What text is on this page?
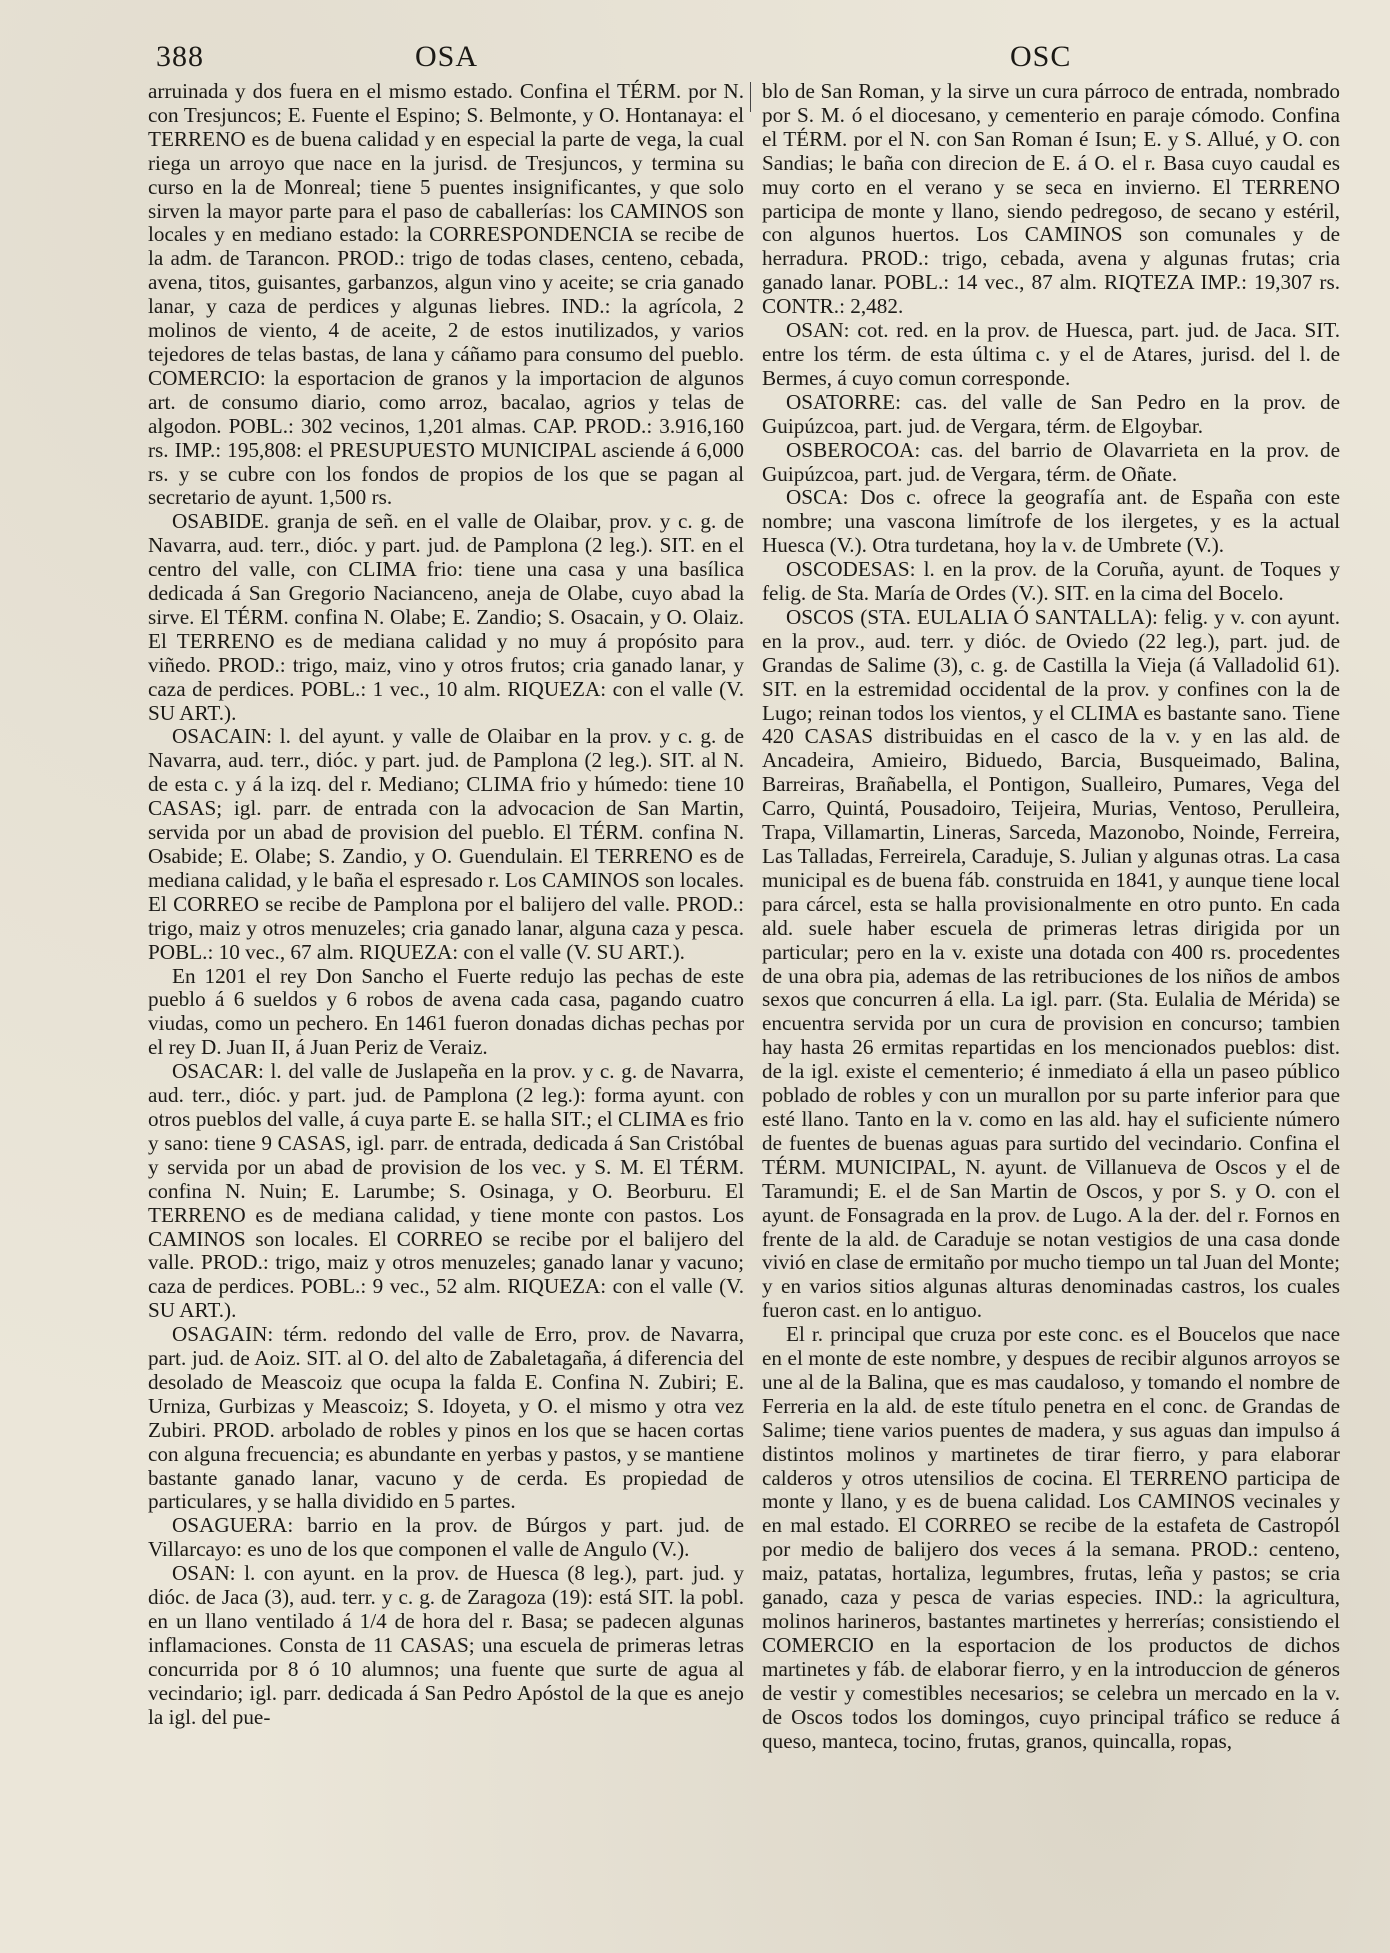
388	OSA	OSC

arruinada y dos fuera en el mismo estado. Confina el TÉRM. por N. con Tresjuncos; E. Fuente el Espino; S. Belmonte, y O. Hontanaya: el TERRENO es de buena calidad y en especial la parte de vega, la cual riega un arroyo que nace en la jurisd. de Tresjuncos, y termina su curso en la de Monreal; tiene 5 puentes insignificantes, y que solo sirven la mayor parte para el paso de caballerías: los CAMINOS son locales y en mediano estado: la CORRESPONDENCIA se recibe de la adm. de Tarancon. PROD.: trigo de todas clases, centeno, cebada, avena, titos, guisantes, garbanzos, algun vino y aceite; se cria ganado lanar, y caza de perdices y algunas liebres. IND.: la agrícola, 2 molinos de viento, 4 de aceite, 2 de estos inutilizados, y varios tejedores de telas bastas, de lana y cáñamo para consumo del pueblo. COMERCIO: la esportacion de granos y la importacion de algunos art. de consumo diario, como arroz, bacalao, agrios y telas de algodon. POBL.: 302 vecinos, 1,201 almas. CAP. PROD.: 3.916,160 rs. IMP.: 195,808: el PRESUPUESTO MUNICIPAL asciende á 6,000 rs. y se cubre con los fondos de propios de los que se pagan al secretario de ayunt. 1,500 rs.

OSABIDE. granja de señ. en el valle de Olaibar, prov. y c. g. de Navarra, aud. terr., dióc. y part. jud. de Pamplona (2 leg.). SIT. en el centro del valle, con CLIMA frio: tiene una casa y una basílica dedicada á San Gregorio Nacianceno, aneja de Olabe, cuyo abad la sirve. El TÉRM. confina N. Olabe; E. Zandio; S. Osacain, y O. Olaiz. El TERRENO es de mediana calidad y no muy á propósito para viñedo. PROD.: trigo, maiz, vino y otros frutos; cria ganado lanar, y caza de perdices. POBL.: 1 vec., 10 alm. RIQUEZA: con el valle (V. SU ART.).

OSACAIN: l. del ayunt. y valle de Olaibar en la prov. y c. g. de Navarra, aud. terr., dióc. y part. jud. de Pamplona (2 leg.). SIT. al N. de esta c. y á la izq. del r. Mediano; CLIMA frio y húmedo: tiene 10 CASAS; igl. parr. de entrada con la advocacion de San Martin, servida por un abad de provision del pueblo. El TÉRM. confina N. Osabide; E. Olabe; S. Zandio, y O. Guendulain. El TERRENO es de mediana calidad, y le baña el espresado r. Los CAMINOS son locales. El CORREO se recibe de Pamplona por el balijero del valle. PROD.: trigo, maiz y otros menuzeles; cria ganado lanar, alguna caza y pesca. POBL.: 10 vec., 67 alm. RIQUEZA: con el valle (V. SU ART.).

En 1201 el rey Don Sancho el Fuerte redujo las pechas de este pueblo á 6 sueldos y 6 robos de avena cada casa, pagando cuatro viudas, como un pechero. En 1461 fueron donadas dichas pechas por el rey D. Juan II, á Juan Periz de Veraiz.

OSACAR: l. del valle de Juslapeña en la prov. y c. g. de Navarra, aud. terr., dióc. y part. jud. de Pamplona (2 leg.): forma ayunt. con otros pueblos del valle, á cuya parte E. se halla SIT.; el CLIMA es frio y sano: tiene 9 CASAS, igl. parr. de entrada, dedicada á San Cristóbal y servida por un abad de provision de los vec. y S. M. El TÉRM. confina N. Nuin; E. Larumbe; S. Osinaga, y O. Beorburu. El TERRENO es de mediana calidad, y tiene monte con pastos. Los CAMINOS son locales. El CORREO se recibe por el balijero del valle. PROD.: trigo, maiz y otros menuzeles; ganado lanar y vacuno; caza de perdices. POBL.: 9 vec., 52 alm. RIQUEZA: con el valle (V. SU ART.).

OSAGAIN: térm. redondo del valle de Erro, prov. de Navarra, part. jud. de Aoiz. SIT. al O. del alto de Zabaletagaña, á diferencia del desolado de Meascoiz que ocupa la falda E. Confina N. Zubiri; E. Urniza, Gurbizas y Meascoiz; S. Idoyeta, y O. el mismo y otra vez Zubiri. PROD. arbolado de robles y pinos en los que se hacen cortas con alguna frecuencia; es abundante en yerbas y pastos, y se mantiene bastante ganado lanar, vacuno y de cerda. Es propiedad de particulares, y se halla dividido en 5 partes.

OSAGUERA: barrio en la prov. de Búrgos y part. jud. de Villarcayo: es uno de los que componen el valle de Angulo (V.).

OSAN: l. con ayunt. en la prov. de Huesca (8 leg.), part. jud. y dióc. de Jaca (3), aud. terr. y c. g. de Zaragoza (19): está SIT. la pobl. en un llano ventilado á 1/4 de hora del r. Basa; se padecen algunas inflamaciones. Consta de 11 CASAS; una escuela de primeras letras concurrida por 8 ó 10 alumnos; una fuente que surte de agua al vecindario; igl. parr. dedicada á San Pedro Apóstol de la que es anejo la igl. del pue-

blo de San Roman, y la sirve un cura párroco de entrada, nombrado por S. M. ó el diocesano, y cementerio en paraje cómodo. Confina el TÉRM. por el N. con San Roman é Isun; E. y S. Allué, y O. con Sandias; le baña con direcion de E. á O. el r. Basa cuyo caudal es muy corto en el verano y se seca en invierno. El TERRENO participa de monte y llano, siendo pedregoso, de secano y estéril, con algunos huertos. Los CAMINOS son comunales y de herradura. PROD.: trigo, cebada, avena y algunas frutas; cria ganado lanar. POBL.: 14 vec., 87 alm. RIQTEZA IMP.: 19,307 rs. CONTR.: 2,482.

OSAN: cot. red. en la prov. de Huesca, part. jud. de Jaca. SIT. entre los térm. de esta última c. y el de Atares, jurisd. del l. de Bermes, á cuyo comun corresponde.

OSATORRE: cas. del valle de San Pedro en la prov. de Guipúzcoa, part. jud. de Vergara, térm. de Elgoybar.

OSBEROCOA: cas. del barrio de Olavarrieta en la prov. de Guipúzcoa, part. jud. de Vergara, térm. de Oñate.

OSCA: Dos c. ofrece la geografía ant. de España con este nombre; una vascona limítrofe de los ilergetes, y es la actual Huesca (V.). Otra turdetana, hoy la v. de Umbrete (V.).

OSCODESAS: l. en la prov. de la Coruña, ayunt. de Toques y felig. de Sta. María de Ordes (V.). SIT. en la cima del Bocelo.

OSCOS (STA. EULALIA Ó SANTALLA): felig. y v. con ayunt. en la prov., aud. terr. y dióc. de Oviedo (22 leg.), part. jud. de Grandas de Salime (3), c. g. de Castilla la Vieja (á Valladolid 61). SIT. en la estremidad occidental de la prov. y confines con la de Lugo; reinan todos los vientos, y el CLIMA es bastante sano. Tiene 420 CASAS distribuidas en el casco de la v. y en las ald. de Ancadeira, Amieiro, Biduedo, Barcia, Busqueimado, Balina, Barreiras, Brañabella, el Pontigon, Sualleiro, Pumares, Vega del Carro, Quintá, Pousadoiro, Teijeira, Murias, Ventoso, Perulleira, Trapa, Villamartin, Lineras, Sarceda, Mazonobo, Noinde, Ferreira, Las Talladas, Ferreirela, Caraduje, S. Julian y algunas otras. La casa municipal es de buena fáb. construida en 1841, y aunque tiene local para cárcel, esta se halla provisionalmente en otro punto. En cada ald. suele haber escuela de primeras letras dirigida por un particular; pero en la v. existe una dotada con 400 rs. procedentes de una obra pia, ademas de las retribuciones de los niños de ambos sexos que concurren á ella. La igl. parr. (Sta. Eulalia de Mérida) se encuentra servida por un cura de provision en concurso; tambien hay hasta 26 ermitas repartidas en los mencionados pueblos: dist. de la igl. existe el cementerio; é inmediato á ella un paseo público poblado de robles y con un murallon por su parte inferior para que esté llano. Tanto en la v. como en las ald. hay el suficiente número de fuentes de buenas aguas para surtido del vecindario. Confina el TÉRM. MUNICIPAL, N. ayunt. de Villanueva de Oscos y el de Taramundi; E. el de San Martin de Oscos, y por S. y O. con el ayunt. de Fonsagrada en la prov. de Lugo. A la der. del r. Fornos en frente de la ald. de Caraduje se notan vestigios de una casa donde vivió en clase de ermitaño por mucho tiempo un tal Juan del Monte; y en varios sitios algunas alturas denominadas castros, los cuales fueron cast. en lo antiguo.

El r. principal que cruza por este conc. es el Boucelos que nace en el monte de este nombre, y despues de recibir algunos arroyos se une al de la Balina, que es mas caudaloso, y tomando el nombre de Ferreria en la ald. de este título penetra en el conc. de Grandas de Salime; tiene varios puentes de madera, y sus aguas dan impulso á distintos molinos y martinetes de tirar fierro, y para elaborar calderos y otros utensilios de cocina. El TERRENO participa de monte y llano, y es de buena calidad. Los CAMINOS vecinales y en mal estado. El CORREO se recibe de la estafeta de Castropól por medio de balijero dos veces á la semana. PROD.: centeno, maiz, patatas, hortaliza, legumbres, frutas, leña y pastos; se cria ganado, caza y pesca de varias especies. IND.: la agricultura, molinos harineros, bastantes martinetes y herrerías; consistiendo el COMERCIO en la esportacion de los productos de dichos martinetes y fáb. de elaborar fierro, y en la introduccion de géneros de vestir y comestibles necesarios; se celebra un mercado en la v. de Oscos todos los domingos, cuyo principal tráfico se reduce á queso, manteca, tocino, frutas, granos, quincalla, ropas,
